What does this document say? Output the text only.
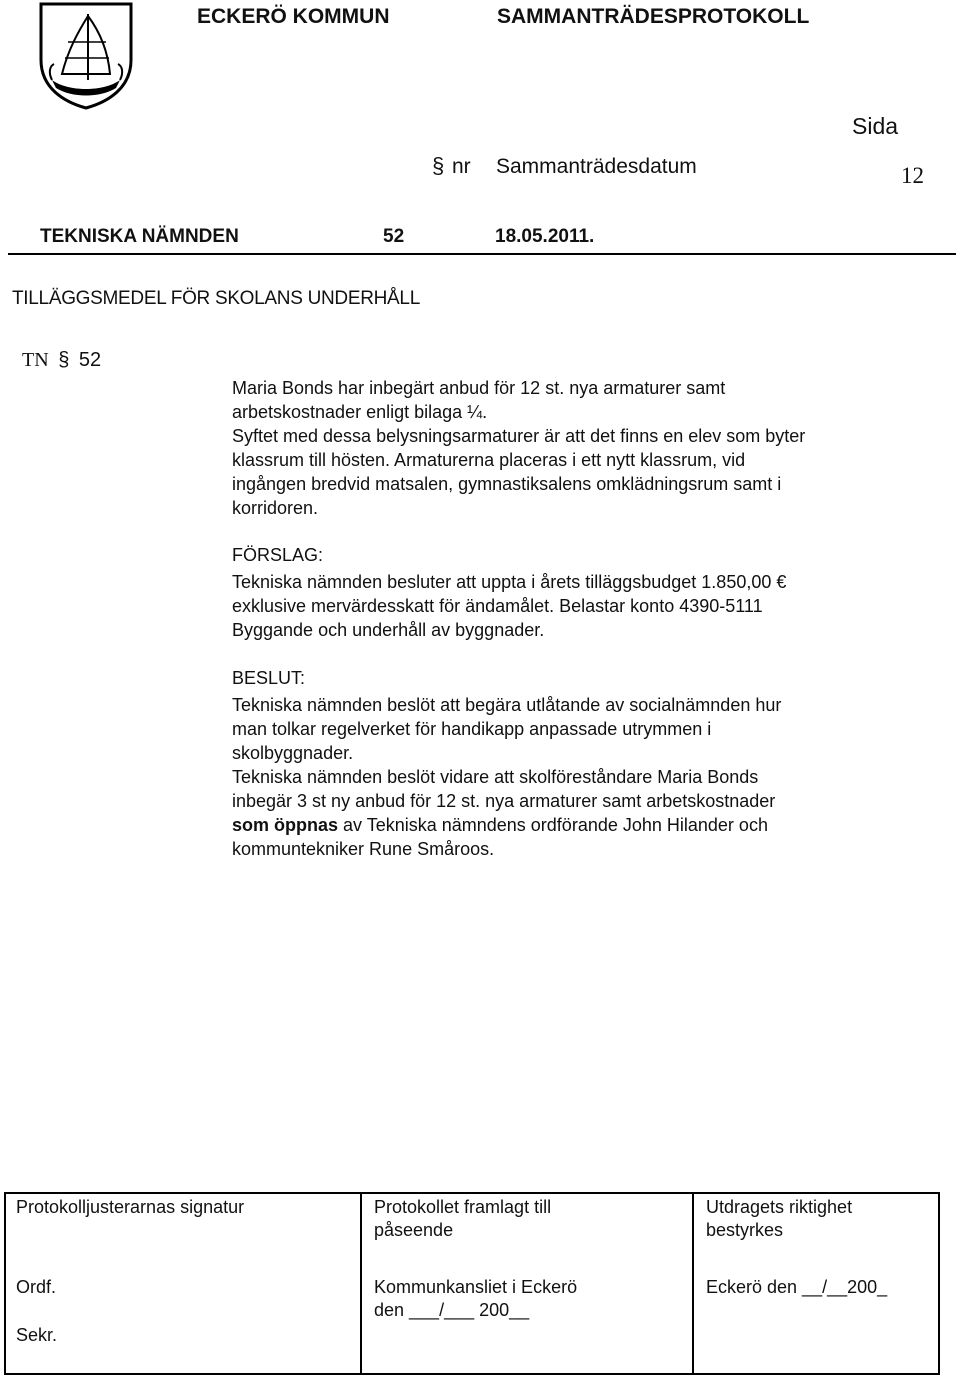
ECKERÖ KOMMUN	SAMMANTRÄDESPROTOKOLL
Sida
§ nr Sammanträdesdatum	12
TEKNISKA NÄMNDEN	52	18.05.2011.
TILLÄGGSMEDEL FÖR SKOLANS UNDERHÅLL
TN § 52

Maria Bonds har inbegärt anbud för 12 st. nya armaturer samt

arbetskostnader enligt bilaga ¼.

Syftet med dessa belysningsarmaturer är att det finns en elev som byter

klassrum till hösten. Armaturerna placeras i ett nytt klassrum, vid

ingången bredvid matsalen, gymnastiksalens omklädningsrum samt i

korridoren.

FÖRSLAG:

Tekniska nämnden besluter att uppta i årets tilläggsbudget 1.850,00 €

exklusive mervärdesskatt för ändamålet. Belastar konto 4390-5111

Byggande och underhåll av byggnader.

BESLUT:

Tekniska nämnden beslöt att begära utlåtande av socialnämnden hur

man tolkar regelverket för handikapp anpassade utrymmen i

skolbyggnader.

Tekniska nämnden beslöt vidare att skolföreståndare Maria Bonds

inbegär 3 st ny anbud för 12 st. nya armaturer samt arbetskostnader

som öppnas av Tekniska nämndens ordförande John Hilander och

kommuntekniker Rune Småroos.

Protokolljusterarnas signatur
Ordf.
Sekr.
Protokollet framlagt till
påseende
Kommunkansliet i Eckerö
den ___/___ 200__
Utdragets riktighet
bestyrkes
Eckerö den __/__200_
